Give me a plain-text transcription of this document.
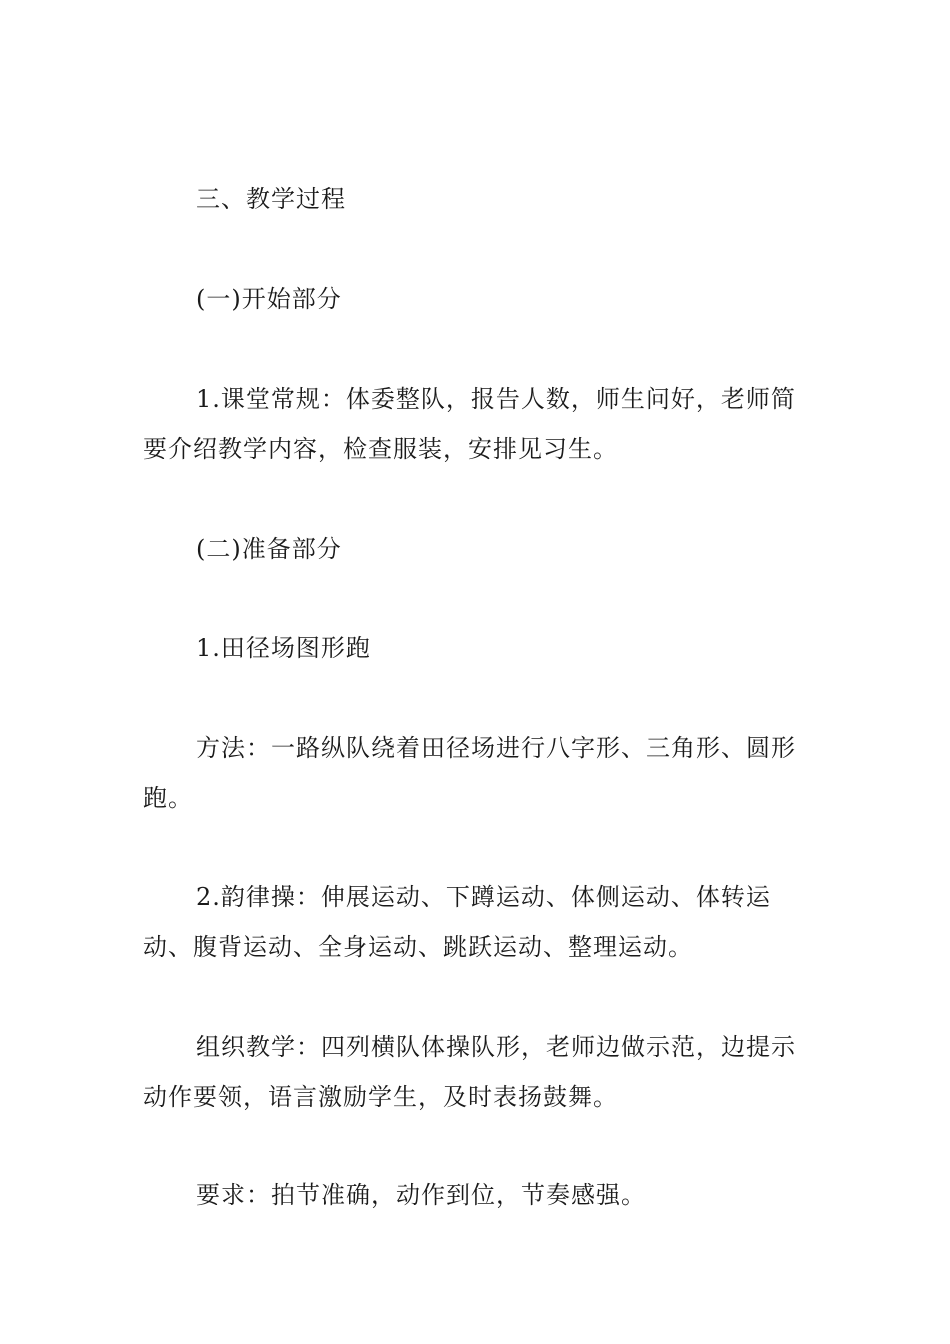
三、教学过程

(一)开始部分

1.课堂常规：体委整队，报告人数，师生问好，老师简要介绍教学内容，检查服装，安排见习生。

(二)准备部分

1.田径场图形跑

方法：一路纵队绕着田径场进行八字形、三角形、圆形跑。

2.韵律操：伸展运动、下蹲运动、体侧运动、体转运动、腹背运动、全身运动、跳跃运动、整理运动。

组织教学：四列横队体操队形，老师边做示范，边提示动作要领，语言激励学生，及时表扬鼓舞。

要求：拍节准确，动作到位，节奏感强。
